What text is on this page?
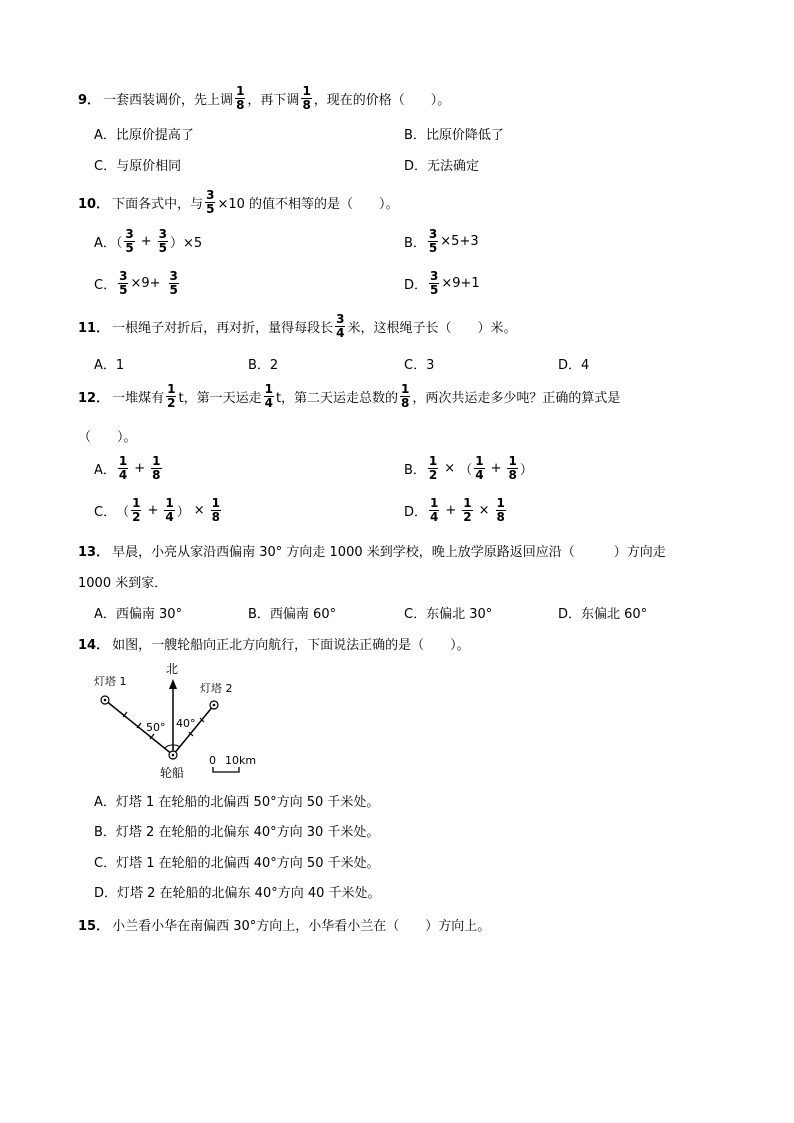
9． 一套西装调价，先上调 $\frac{1}{8}$ ，再下调 $\frac{1}{8}$ ，现在的价格（　　）。
A．比原价提高了	B．比原价降低了
C．与原价相同	D．无法确定
10． 下面各式中，与 $\frac{3}{5} \times 10$ 的值不相等的是（　　）。
A．（ $\frac{3}{5} + \frac{3}{5} )\times 5$	B． $\frac{3}{5} \times 5+3$
C． $\frac{3}{5} \times 9+ \frac{3}{5}$	D． $\frac{3}{5} \times 9+1$
11． 一根绳子对折后，再对折，量得每段长 $\frac{3}{4}$ 米，这根绳子长（　　）米。
A．1	B．2	C．3	D．4
12． 一堆煤有 $\frac{1}{2}$ t，第一天运走 $\frac{1}{4}$ t，第二天运走总数的 $\frac{1}{8}$ ，两次共运走多少吨？正确的算式是
（　　）。
A． $\frac{1}{4} + \frac{1}{8}$	B． $\frac{1}{2}$ × （ $\frac{1}{4} + \frac{1}{8}$ ）
C． （ $\frac{1}{2} + \frac{1}{4}$ ） × $\frac{1}{8}$	D． $\frac{1}{4} + \frac{1}{2} \times \frac{1}{8}$
13． 早晨，小亮从家沿西偏南 30° 方向走 1000 米到学校，晚上放学原路返回应沿（　　　）方向走
1000 米到家．
A．西偏南 30°	B．西偏南 60°	C．东偏北 30°	D．东偏北 60°
14． 如图，一艘轮船向正北方向航行，下面说法正确的是（　　）。
北
灯塔 1
灯塔 2
50° 40°
轮船
0 10km
A．灯塔 1 在轮船的北偏西 50°方向 50 千米处。
B．灯塔 2 在轮船的北偏东 40°方向 30 千米处。
C．灯塔 1 在轮船的北偏西 40°方向 50 千米处。
D．灯塔 2 在轮船的北偏东 40°方向 40 千米处。
15． 小兰看小华在南偏西 30°方向上，小华看小兰在（　　）方向上。
